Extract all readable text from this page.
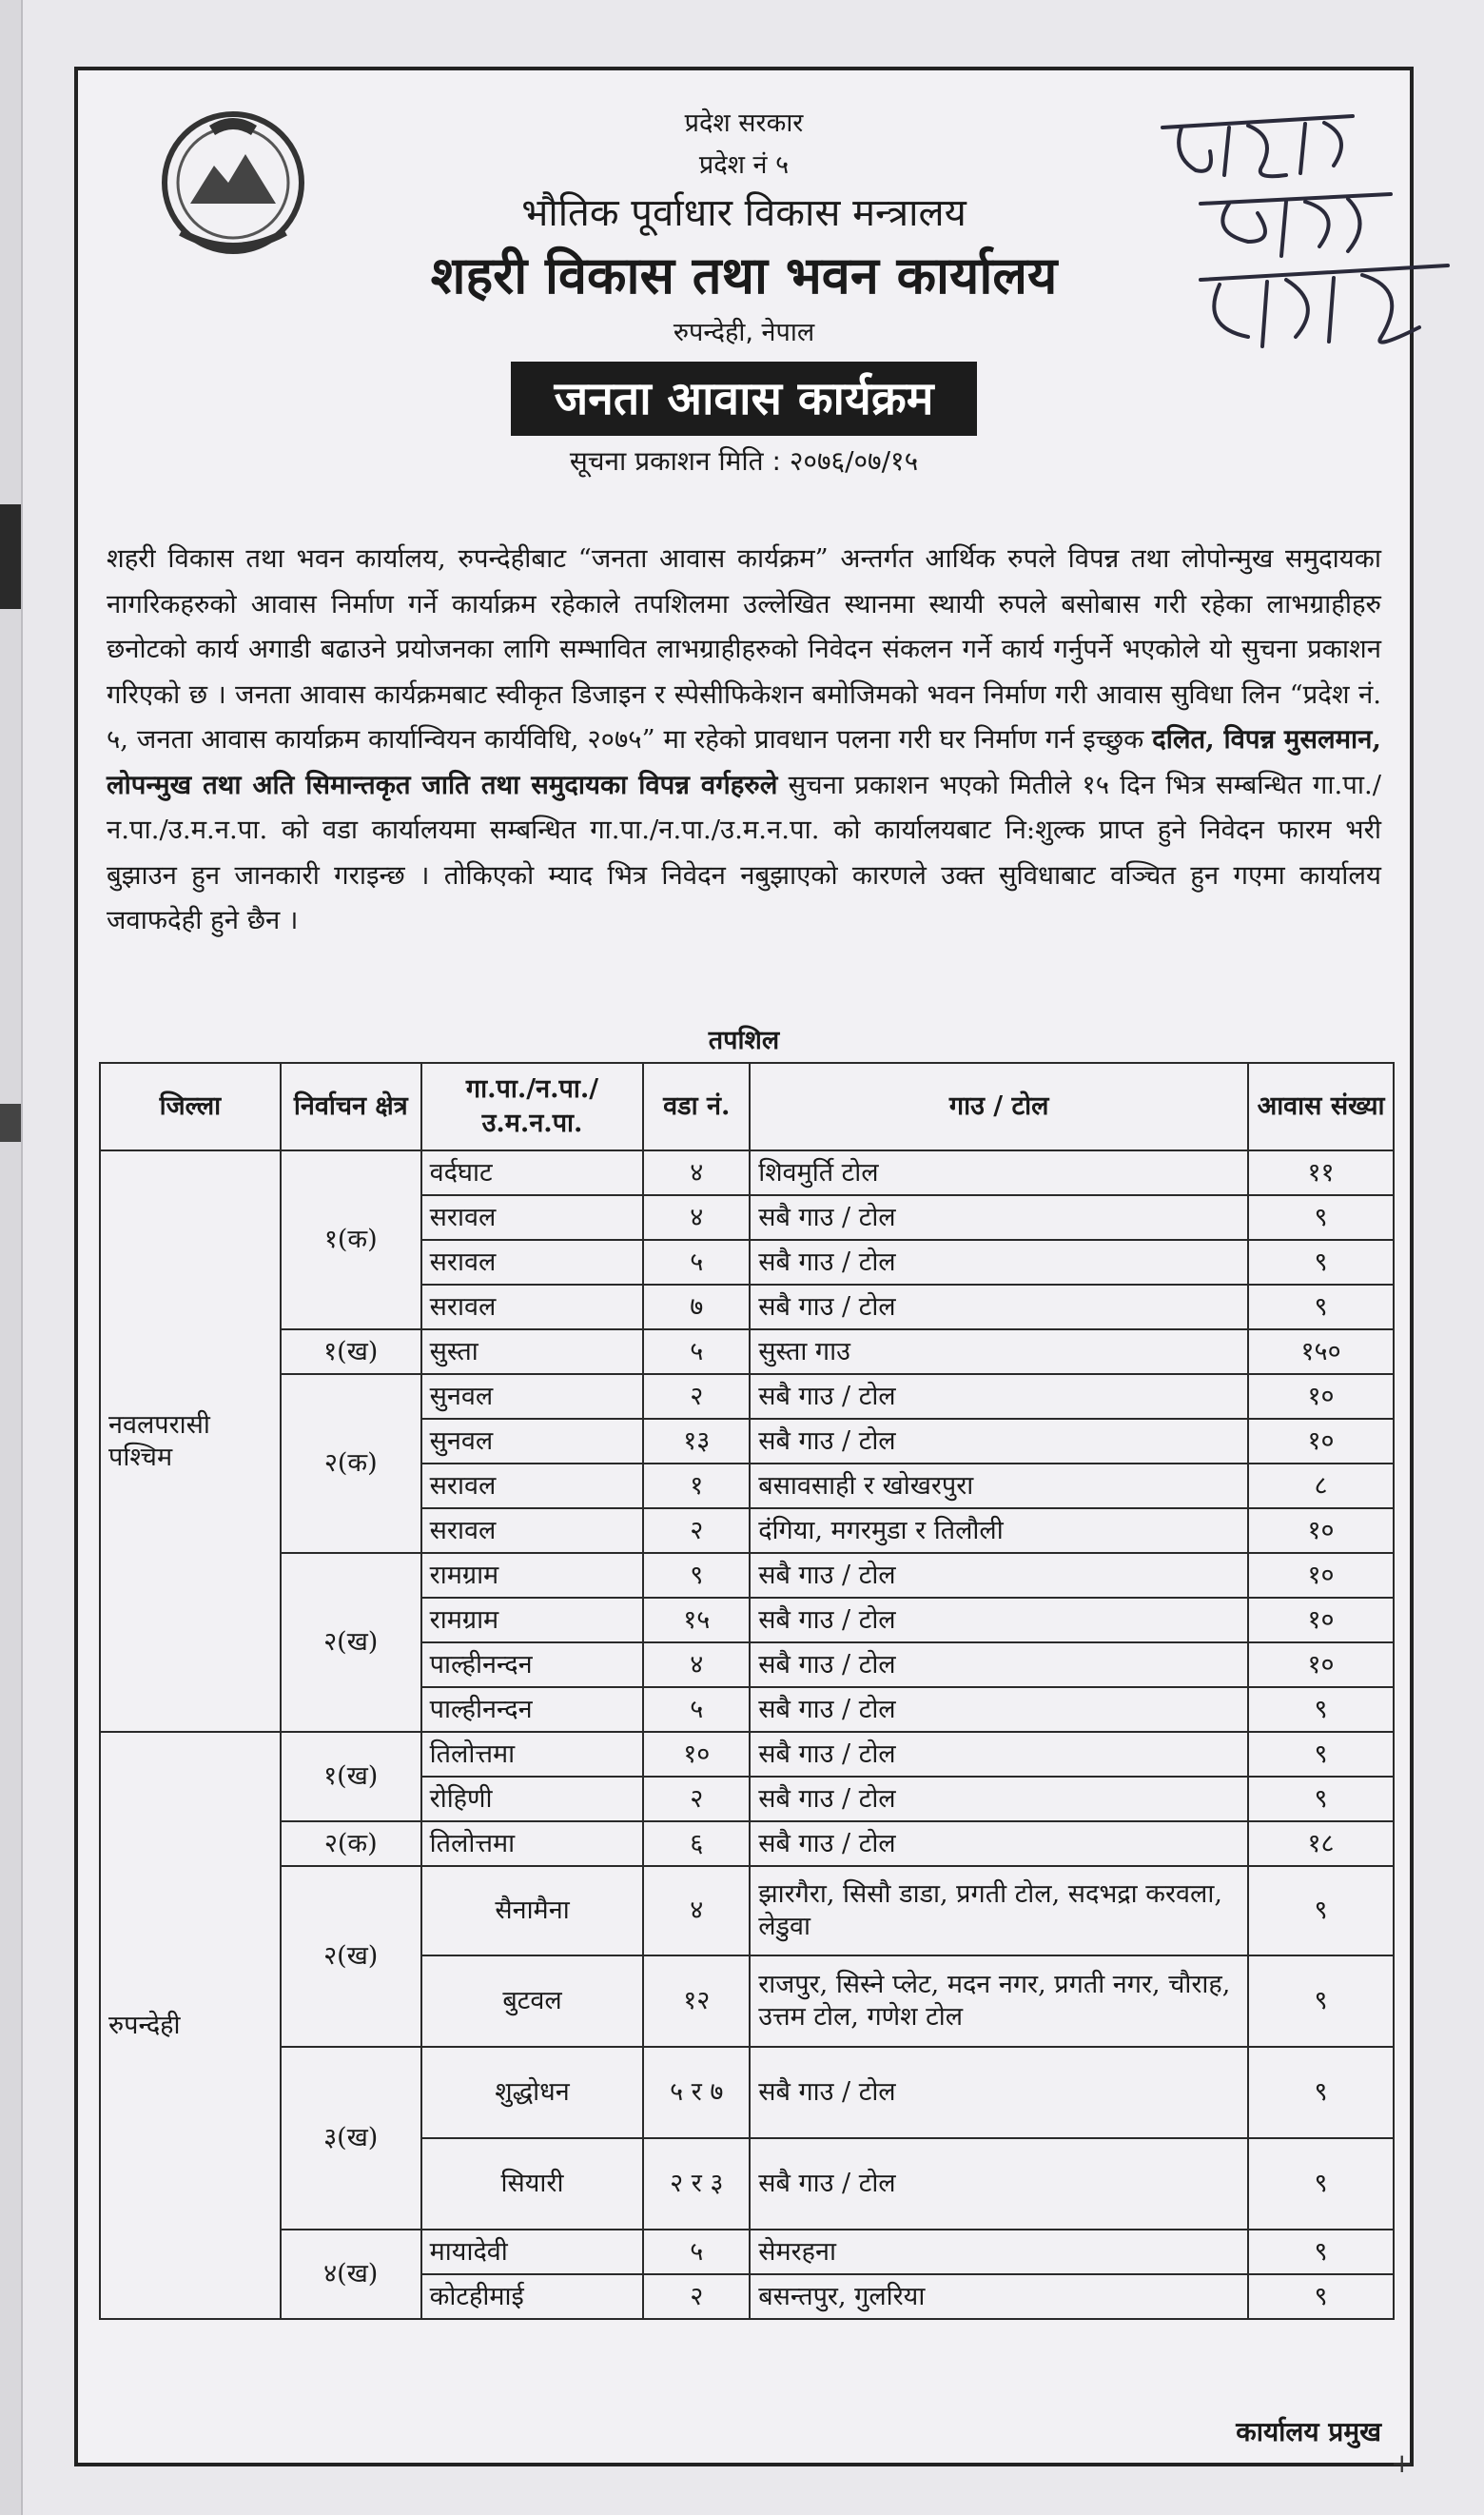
प्रदेश सरकार
प्रदेश नं ५
भौतिक पूर्वाधार विकास मन्त्रालय
शहरी विकास तथा भवन कार्यालय
रुपन्देही, नेपाल
जनता आवास कार्यक्रम
सूचना प्रकाशन मिति : २०७६/०७/१५
शहरी विकास तथा भवन कार्यालय, रुपन्देहीबाट “जनता आवास कार्यक्रम” अन्तर्गत आर्थिक रुपले विपन्न तथा लोपोन्मुख समुदायका नागरिकहरुको आवास निर्माण गर्ने कार्याक्रम रहेकाले तपशिलमा उल्लेखित स्थानमा स्थायी रुपले बसोबास गरी रहेका लाभग्राहीहरु छनोटको कार्य अगाडी बढाउने प्रयोजनका लागि सम्भावित लाभग्राहीहरुको निवेदन संकलन गर्ने कार्य गर्नुपर्ने भएकोले यो सुचना प्रकाशन गरिएको छ । जनता आवास कार्यक्रमबाट स्वीकृत डिजाइन र स्पेसीफिकेशन बमोजिमको भवन निर्माण गरी आवास सुविधा लिन “प्रदेश नं. ५, जनता आवास कार्याक्रम कार्यान्वियन कार्यविधि, २०७५” मा रहेको प्रावधान पलना गरी घर निर्माण गर्न इच्छुक दलित, विपन्न मुसलमान, लोपन्मुख तथा अति सिमान्तकृत जाति तथा समुदायका विपन्न वर्गहरुले सुचना प्रकाशन भएको मितीले १५ दिन भित्र सम्बन्धित गा.पा./न.पा./उ.म.न.पा. को वडा कार्यालयमा सम्बन्धित गा.पा./न.पा./उ.म.न.पा. को कार्यालयबाट नि:शुल्क प्राप्त हुने निवेदन फारम भरी बुझाउन हुन जानकारी गराइन्छ । तोकिएको म्याद भित्र निवेदन नबुझाएको कारणले उक्त सुविधाबाट वञ्चित हुन गएमा कार्यालय जवाफदेही हुने छैन ।
तपशिल
जिल्ला	निर्वाचन क्षेत्र	गा.पा./न.पा./ उ.म.न.पा.	वडा नं.	गाउ / टोल	आवास संख्या
नवलपरासी पश्चिम	१(क)	वर्दघाट	४	शिवमुर्ति टोल	११
		सरावल	४	सबै गाउ / टोल	९
		सरावल	५	सबै गाउ / टोल	९
		सरावल	७	सबै गाउ / टोल	९
	१(ख)	सुस्ता	५	सुस्ता गाउ	१५०
	२(क)	सुनवल	२	सबै गाउ / टोल	१०
		सुनवल	१३	सबै गाउ / टोल	१०
		सरावल	१	बसावसाही र खोखरपुरा	८
		सरावल	२	दंगिया, मगरमुडा र तिलौली	१०
	२(ख)	रामग्राम	९	सबै गाउ / टोल	१०
		रामग्राम	१५	सबै गाउ / टोल	१०
		पाल्हीनन्दन	४	सबै गाउ / टोल	१०
		पाल्हीनन्दन	५	सबै गाउ / टोल	९
रुपन्देही	१(ख)	तिलोत्तमा	१०	सबै गाउ / टोल	९
		रोहिणी	२	सबै गाउ / टोल	९
	२(क)	तिलोत्तमा	६	सबै गाउ / टोल	१८
	२(ख)	सैनामैना	४	झारगैरा, सिसौ डाडा, प्रगती टोल, सदभद्रा करवला, लेडुवा	९
		बुटवल	१२	राजपुर, सिस्ने प्लेट, मदन नगर, प्रगती नगर, चौराह, उत्तम टोल, गणेश टोल	९
	३(ख)	शुद्धोधन	५ र ७	सबै गाउ / टोल	९
		सियारी	२ र ३	सबै गाउ / टोल	९
	४(ख)	मायादेवी	५	सेमरहना	९
		कोटहीमाई	२	बसन्तपुर, गुलरिया	९
कार्यालय प्रमुख
+
